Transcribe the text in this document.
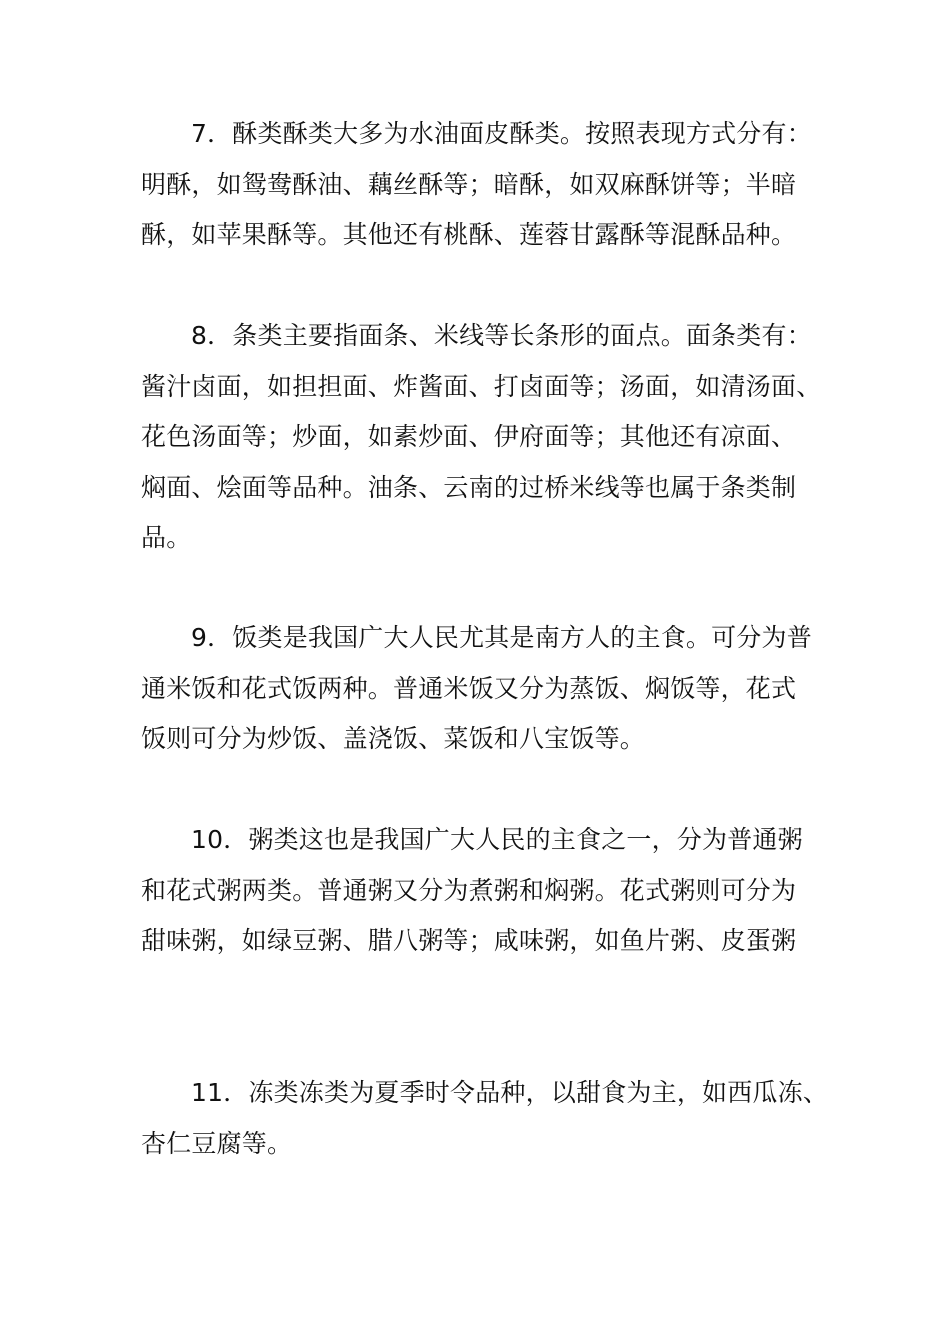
7．酥类酥类大多为水油面皮酥类。按照表现方式分有：
明酥，如鸳鸯酥油、藕丝酥等；暗酥，如双麻酥饼等；半暗
酥，如苹果酥等。其他还有桃酥、莲蓉甘露酥等混酥品种。
8．条类主要指面条、米线等长条形的面点。面条类有：
酱汁卤面，如担担面、炸酱面、打卤面等；汤面，如清汤面、
花色汤面等；炒面，如素炒面、伊府面等；其他还有凉面、
焖面、烩面等品种。油条、云南的过桥米线等也属于条类制
品。
9．饭类是我国广大人民尤其是南方人的主食。可分为普
通米饭和花式饭两种。普通米饭又分为蒸饭、焖饭等，花式
饭则可分为炒饭、盖浇饭、菜饭和八宝饭等。
10．粥类这也是我国广大人民的主食之一，分为普通粥
和花式粥两类。普通粥又分为煮粥和焖粥。花式粥则可分为
甜味粥，如绿豆粥、腊八粥等；咸味粥，如鱼片粥、皮蛋粥
11．冻类冻类为夏季时令品种，以甜食为主，如西瓜冻、
杏仁豆腐等。
